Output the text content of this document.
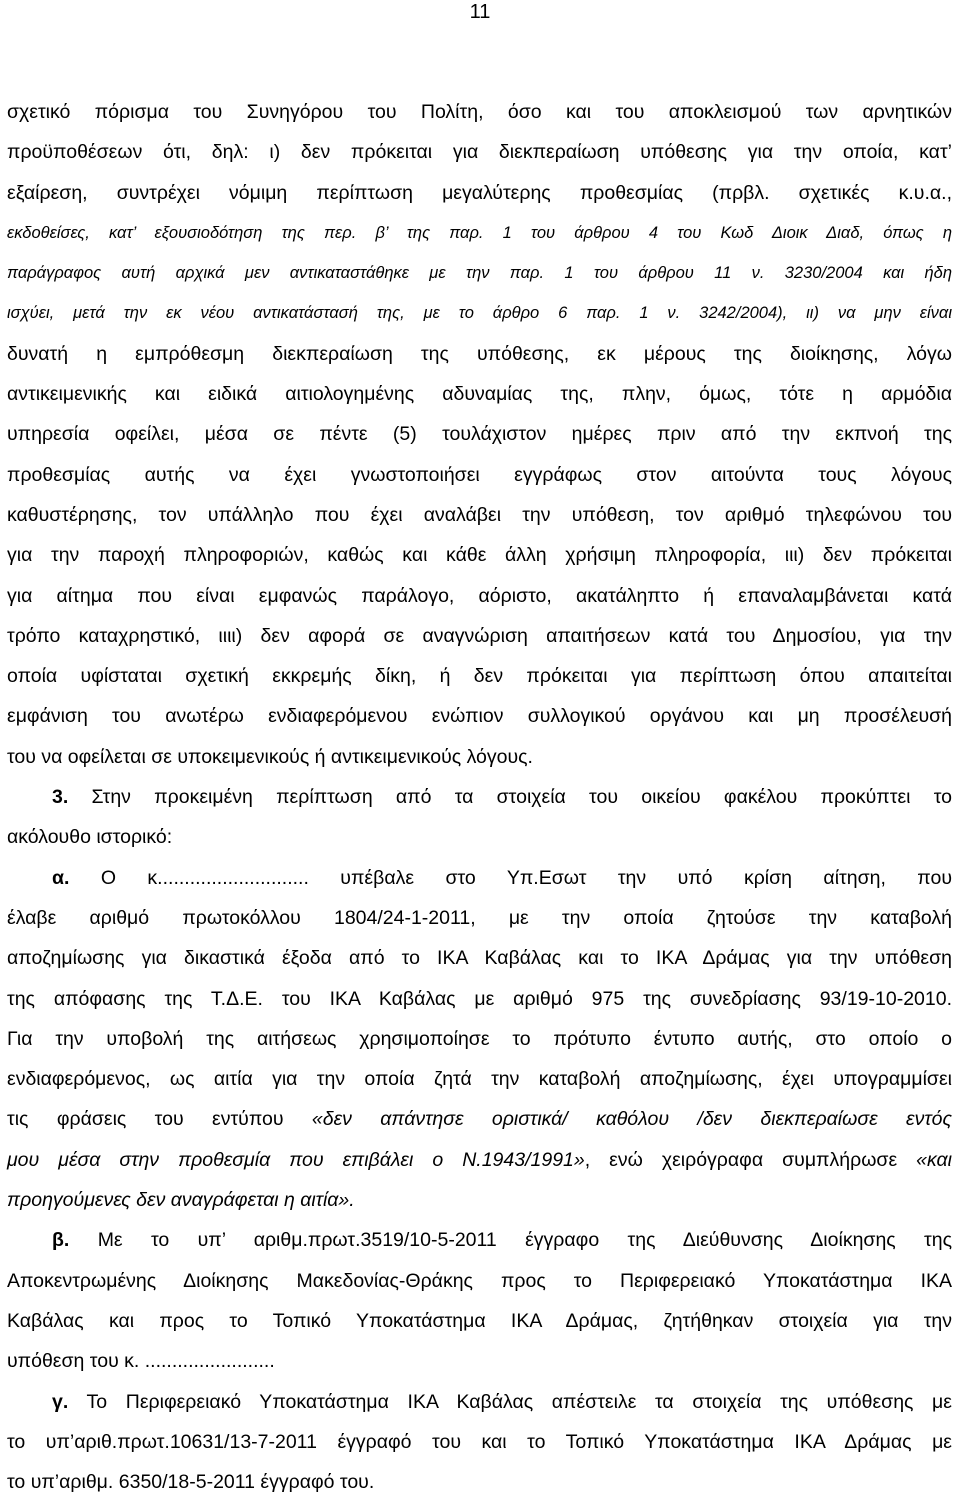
11
σχετικό πόρισμα του Συνηγόρου του Πολίτη, όσο και του αποκλεισμού των αρνητικών
προϋποθέσεων ότι, δηλ: ι) δεν πρόκειται για διεκπεραίωση υπόθεσης για την οποία, κατ’
εξαίρεση, συντρέχει νόμιμη περίπτωση μεγαλύτερης προθεσμίας (πρβλ. σχετικές κ.υ.α.,
εκδοθείσες, κατ’ εξουσιοδότηση της περ. β’ της παρ. 1 του άρθρου 4 του Κωδ Διοικ Διαδ, όπως η
παράγραφος αυτή αρχικά μεν αντικαταστάθηκε με την παρ. 1 του άρθρου 11 ν. 3230/2004 και ήδη
ισχύει, μετά την εκ νέου αντικατάστασή της, με το άρθρο 6 παρ. 1 ν. 3242/2004), ιι) να μην είναι
δυνατή η εμπρόθεσμη διεκπεραίωση της υπόθεσης, εκ μέρους της διοίκησης, λόγω
αντικειμενικής και ειδικά αιτιολογημένης αδυναμίας της, πλην, όμως, τότε η αρμόδια
υπηρεσία οφείλει, μέσα σε πέντε (5) τουλάχιστον ημέρες πριν από την εκπνοή της
προθεσμίας αυτής να έχει γνωστοποιήσει εγγράφως στον αιτούντα τους λόγους
καθυστέρησης, τον υπάλληλο που έχει αναλάβει την υπόθεση, τον αριθμό τηλεφώνου του
για την παροχή πληροφοριών, καθώς και κάθε άλλη χρήσιμη πληροφορία, ιιι) δεν πρόκειται
για αίτημα που είναι εμφανώς παράλογο, αόριστο, ακατάληπτο ή επαναλαμβάνεται κατά
τρόπο καταχρηστικό, ιιιι) δεν αφορά σε αναγνώριση απαιτήσεων κατά του Δημοσίου, για την
οποία υφίσταται σχετική εκκρεμής δίκη, ή δεν πρόκειται για περίπτωση όπου απαιτείται
εμφάνιση του ανωτέρω ενδιαφερόμενου ενώπιον συλλογικού οργάνου και μη προσέλευσή
του να οφείλεται σε υποκειμενικούς ή αντικειμενικούς λόγους.
3. Στην προκειμένη περίπτωση από τα στοιχεία του οικείου φακέλου προκύπτει το
ακόλουθο ιστορικό:
α. Ο κ............................ υπέβαλε στο Υπ.Εσωτ την υπό κρίση αίτηση, που
έλαβε αριθμό πρωτοκόλλου 1804/24-1-2011, με την οποία ζητούσε την καταβολή
αποζημίωσης για δικαστικά έξοδα από το ΙΚΑ Καβάλας και το ΙΚΑ Δράμας για την υπόθεση
της απόφασης της Τ.Δ.Ε. του ΙΚΑ Καβάλας με αριθμό 975 της συνεδρίασης 93/19-10-2010.
Για την υποβολή της αιτήσεως χρησιμοποίησε το πρότυπο έντυπο αυτής, στο οποίο ο
ενδιαφερόμενος, ως αιτία για την οποία ζητά την καταβολή αποζημίωσης, έχει υπογραμμίσει
τις φράσεις του εντύπου «δεν απάντησε οριστικά/ καθόλου /δεν διεκπεραίωσε εντός
μου μέσα στην προθεσμία που επιβάλει ο Ν.1943/1991», ενώ χειρόγραφα συμπλήρωσε «και
προηγούμενες δεν αναγράφεται η αιτία».
β. Με το υπ’ αριθμ.πρωτ.3519/10-5-2011 έγγραφο της Διεύθυνσης Διοίκησης της
Αποκεντρωμένης Διοίκησης Μακεδονίας-Θράκης προς το Περιφερειακό Υποκατάστημα ΙΚΑ
Καβάλας και προς το Τοπικό Υποκατάστημα ΙΚΑ Δράμας, ζητήθηκαν στοιχεία για την
υπόθεση του κ. ........................
γ. Το Περιφερειακό Υποκατάστημα ΙΚΑ Καβάλας απέστειλε τα στοιχεία της υπόθεσης με
το υπ’αριθ.πρωτ.10631/13-7-2011 έγγραφό του και το Τοπικό Υποκατάστημα ΙΚΑ Δράμας με
το υπ’αριθμ. 6350/18-5-2011 έγγραφό του.
